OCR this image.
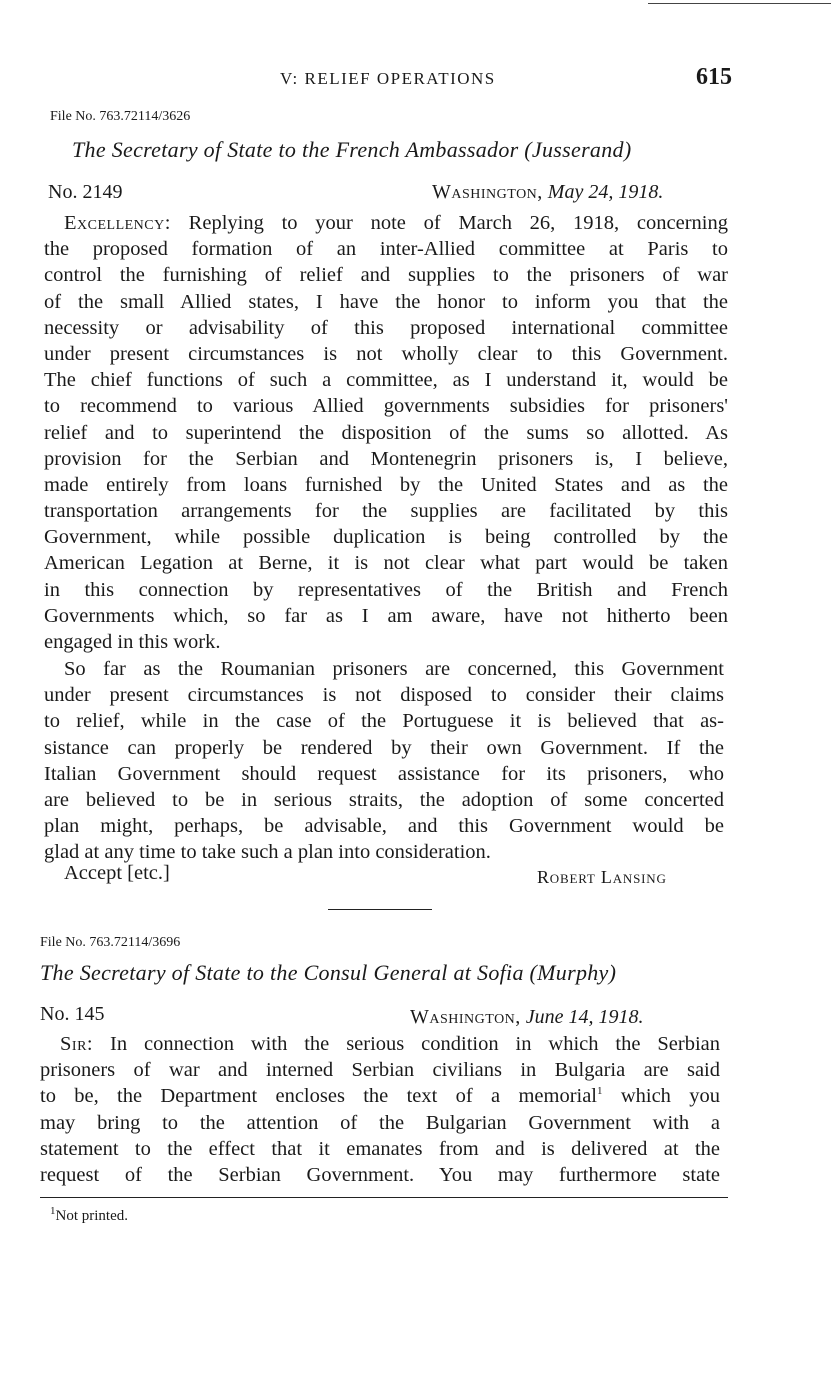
V: RELIEF OPERATIONS	615
File No. 763.72114/3626
The Secretary of State to the French Ambassador (Jusserand)
No. 2149	Washington, May 24, 1918.
Excellency: Replying to your note of March 26, 1918, concerning
the proposed formation of an inter-Allied committee at Paris to
control the furnishing of relief and supplies to the prisoners of war
of the small Allied states, I have the honor to inform you that the
necessity or advisability of this proposed international committee
under present circumstances is not wholly clear to this Government.
The chief functions of such a committee, as I understand it, would be
to recommend to various Allied governments subsidies for prisoners'
relief and to superintend the disposition of the sums so allotted. As
provision for the Serbian and Montenegrin prisoners is, I believe,
made entirely from loans furnished by the United States and as the
transportation arrangements for the supplies are facilitated by this
Government, while possible duplication is being controlled by the
American Legation at Berne, it is not clear what part would be taken
in this connection by representatives of the British and French
Governments which, so far as I am aware, have not hitherto been
engaged in this work.
So far as the Roumanian prisoners are concerned, this Government
under present circumstances is not disposed to consider their claims
to relief, while in the case of the Portuguese it is believed that as-
sistance can properly be rendered by their own Government. If the
Italian Government should request assistance for its prisoners, who
are believed to be in serious straits, the adoption of some concerted
plan might, perhaps, be advisable, and this Government would be
glad at any time to take such a plan into consideration.
Accept [etc.]	Robert Lansing
File No. 763.72114/3696
The Secretary of State to the Consul General at Sofia (Murphy)
No. 145	Washington, June 14, 1918.
Sir: In connection with the serious condition in which the Serbian
prisoners of war and interned Serbian civilians in Bulgaria are said
to be, the Department encloses the text of a memorial$^1$ which you
may bring to the attention of the Bulgarian Government with a
statement to the effect that it emanates from and is delivered at the
request of the Serbian Government. You may furthermore state
$^1$Not printed.
